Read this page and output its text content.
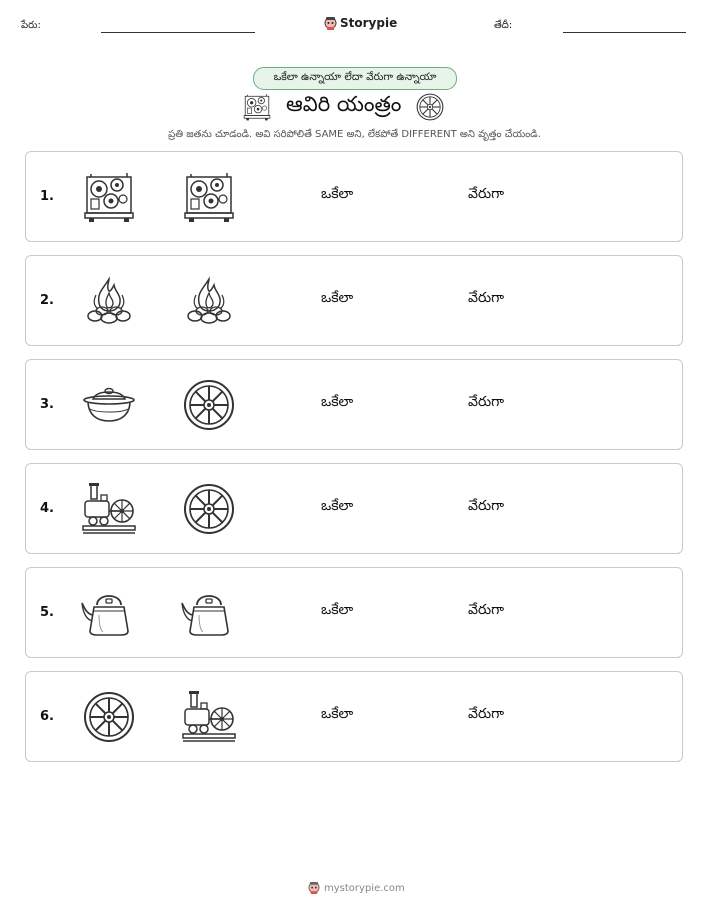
పేరు:	Storypie	తేదీ:
ఒకేలా ఉన్నాయా లేదా వేరుగా ఉన్నాయా
ఆవిరి యంత్రం
ప్రతి జతను చూడండి. అవి సరిపోలితే SAME అని, లేకపోతే DIFFERENT అని వృత్తం చేయండి.
1.	ఒకేలా	వేరుగా
2.	ఒకేలా	వేరుగా
3.	ఒకేలా	వేరుగా
4.	ఒకేలా	వేరుగా
5.	ఒకేలా	వేరుగా
6.	ఒకేలా	వేరుగా
mystorypie.com
